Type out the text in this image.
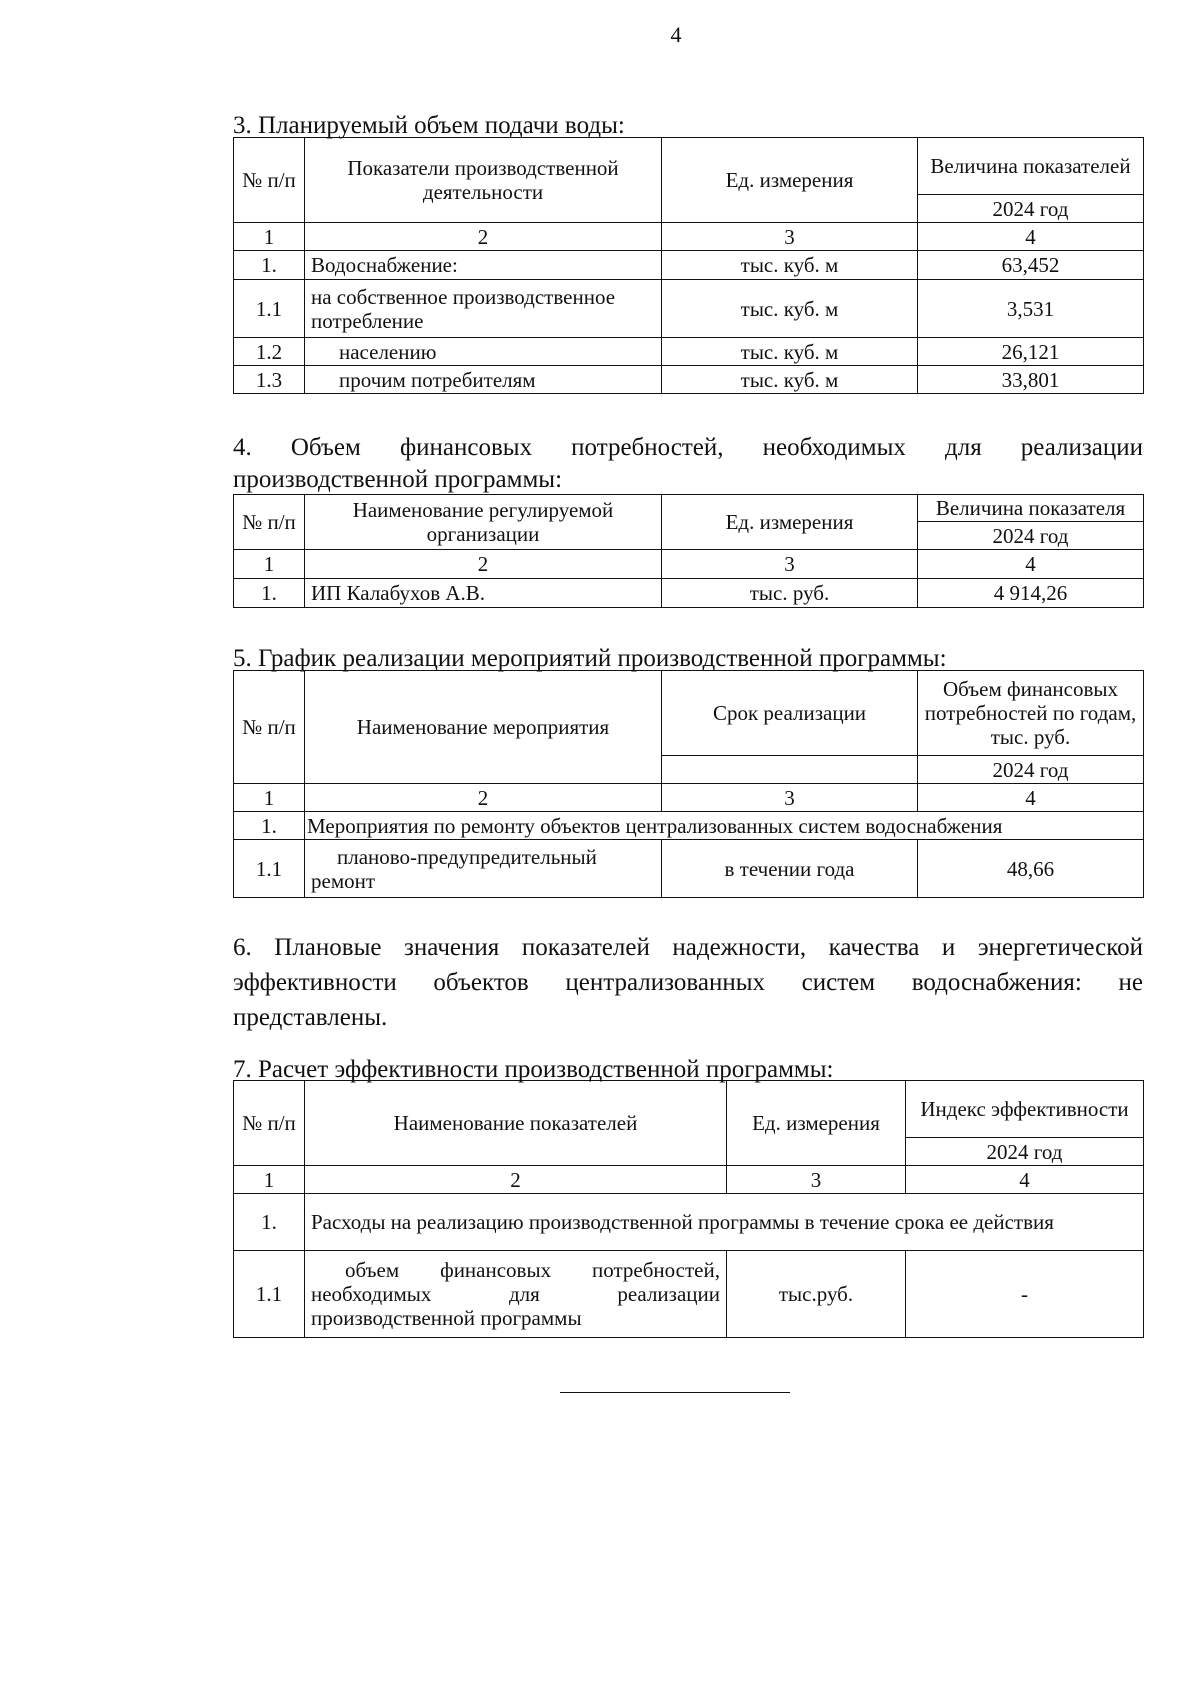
4
3. Планируемый объем подачи воды:
№ п/п	Показатели производственной деятельности	Ед. измерения	Величина показателей
			2024 год
1	2	3	4
1.	Водоснабжение:	тыс. куб. м	63,452
1.1	на собственное производственное потребление	тыс. куб. м	3,531
1.2	населению	тыс. куб. м	26,121
1.3	прочим потребителям	тыс. куб. м	33,801
4. Объем финансовых потребностей, необходимых для реализации производственной программы:
№ п/п	Наименование регулируемой организации	Ед. измерения	Величина показателя
			2024 год
1	2	3	4
1.	ИП Калабухов А.В.	тыс. руб.	4 914,26
5. График реализации мероприятий производственной программы:
№ п/п	Наименование мероприятия	Срок реализации	Объем финансовых потребностей по годам, тыс. руб.
			2024 год
1	2	3	4
1.	Мероприятия по ремонту объектов централизованных систем водоснабжения		
1.1	планово-предупредительный ремонт	в течении года	48,66
6. Плановые значения показателей надежности, качества и энергетической эффективности объектов централизованных систем водоснабжения: не представлены.
7. Расчет эффективности производственной программы:
№ п/п	Наименование показателей	Ед. измерения	Индекс эффективности
			2024 год
1	2	3	4
1.	Расходы на реализацию производственной программы в течение срока ее действия		
1.1	объем финансовых потребностей, необходимых для реализации производственной программы	тыс.руб.	-
